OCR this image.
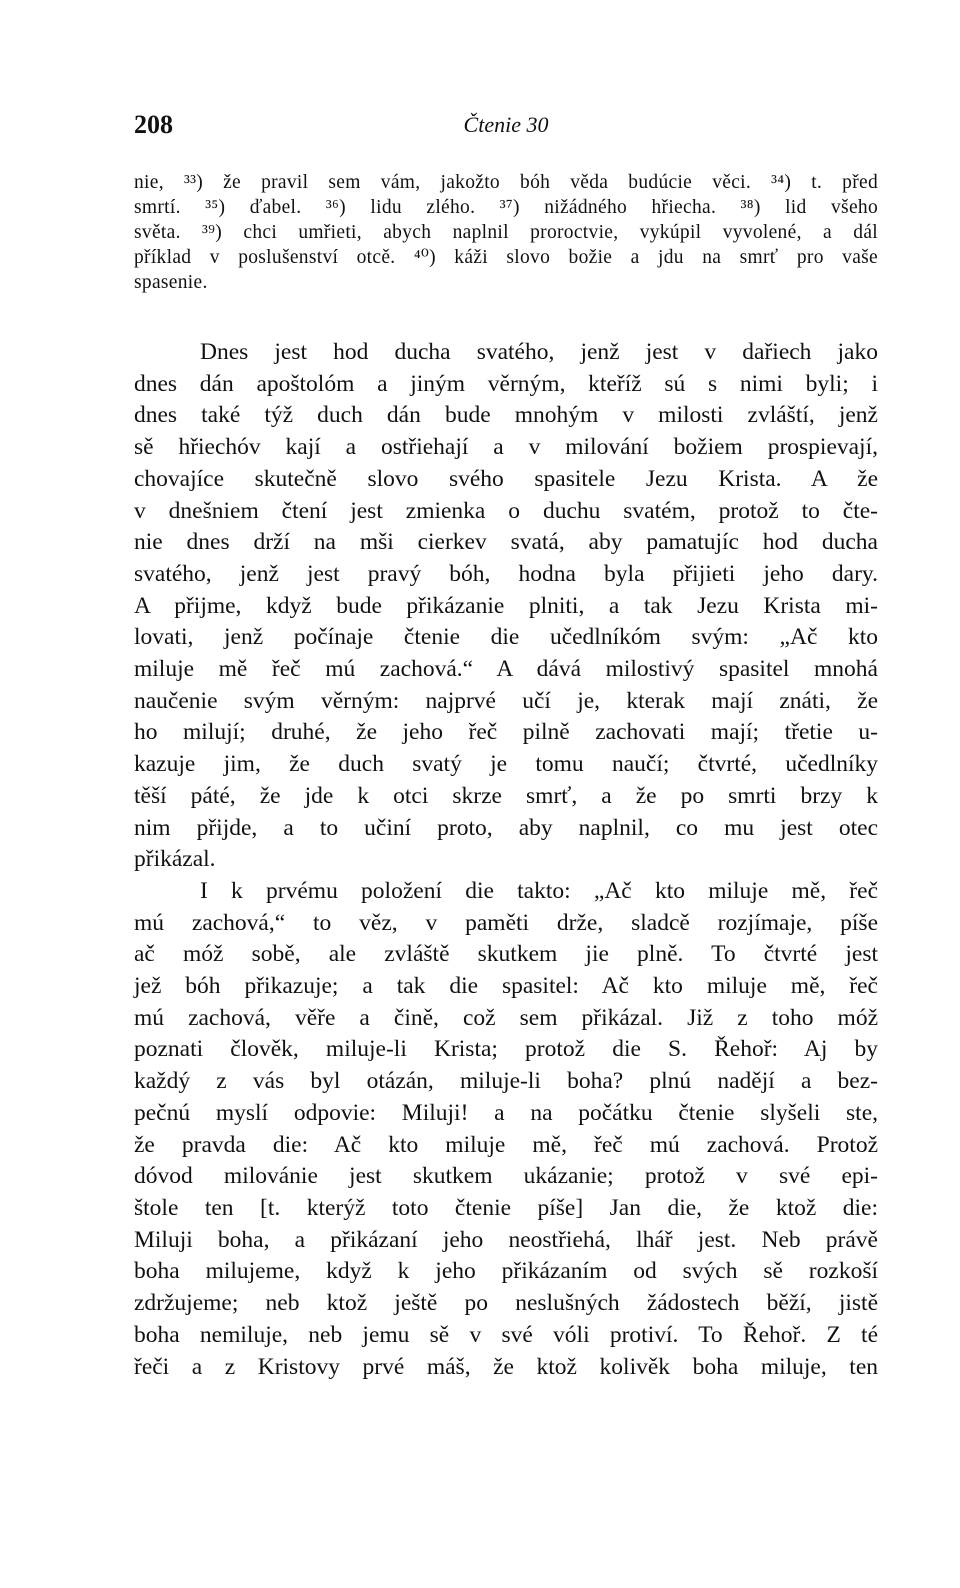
208	Čtenie 30
nie, ³³) že pravil sem vám, jakožto bóh věda budúcie věci. ³⁴) t. před
smrtí. ³⁵) ďabel. ³⁶) lidu zlého. ³⁷) nižádného hřiecha. ³⁸) lid všeho
světa. ³⁹) chci umřieti, abych naplnil proroctvie, vykúpil vyvolené, a dál
příklad v poslušenství otcě. ⁴⁰) káži slovo božie a jdu na smrť pro vaše
spasenie.
Dnes jest hod ducha svatého, jenž jest v dařiech jako
dnes dán apoštolóm a jiným věrným, kteříž sú s nimi byli; i
dnes také týž duch dán bude mnohým v milosti zvláští, jenž
sě hřiechóv kají a ostřiehají a v milování božiem prospievají,
chovajíce skutečně slovo svého spasitele Jezu Krista. A že
v dnešniem čtení jest zmienka o duchu svatém, protož to čte-
nie dnes drží na mši cierkev svatá, aby pamatujíc hod ducha
svatého, jenž jest pravý bóh, hodna byla přijieti jeho dary.
A přijme, když bude přikázanie plniti, a tak Jezu Krista mi-
lovati, jenž počínaje čtenie die učedlníkóm svým: „Ač kto
miluje mě řeč mú zachová.“ A dává milostivý spasitel mnohá
naučenie svým věrným: najprvé učí je, kterak mají znáti, že
ho milují; druhé, že jeho řeč pilně zachovati mají; třetie u-
kazuje jim, že duch svatý je tomu naučí; čtvrté, učedlníky
těší páté, že jde k otci skrze smrť, a že po smrti brzy k
nim přijde, a to učiní proto, aby naplnil, co mu jest otec
přikázal.
I k prvému položení die takto: „Ač kto miluje mě, řeč
mú zachová,“ to věz, v paměti drže, sladcě rozjímaje, píše
ač móž sobě, ale zvláště skutkem jie plně. To čtvrté jest
jež bóh přikazuje; a tak die spasitel: Ač kto miluje mě, řeč
mú zachová, věře a čině, což sem přikázal. Již z toho móž
poznati člověk, miluje-li Krista; protož die S. Řehoř: Aj by
každý z vás byl otázán, miluje-li boha? plnú nadějí a bez-
pečnú myslí odpovie: Miluji! a na počátku čtenie slyšeli ste,
že pravda die: Ač kto miluje mě, řeč mú zachová. Protož
dóvod milovánie jest skutkem ukázanie; protož v své epi-
štole ten [t. kterýž toto čtenie píše] Jan die, že ktož die:
Miluji boha, a přikázaní jeho neostřiehá, lhář jest. Neb právě
boha milujeme, když k jeho přikázaním od svých sě rozkoší
zdržujeme; neb ktož ještě po neslušných žádostech běží, jistě
boha nemiluje, neb jemu sě v své vóli protiví. To Řehoř. Z té
řeči a z Kristovy prvé máš, že ktož kolivěk boha miluje, ten
